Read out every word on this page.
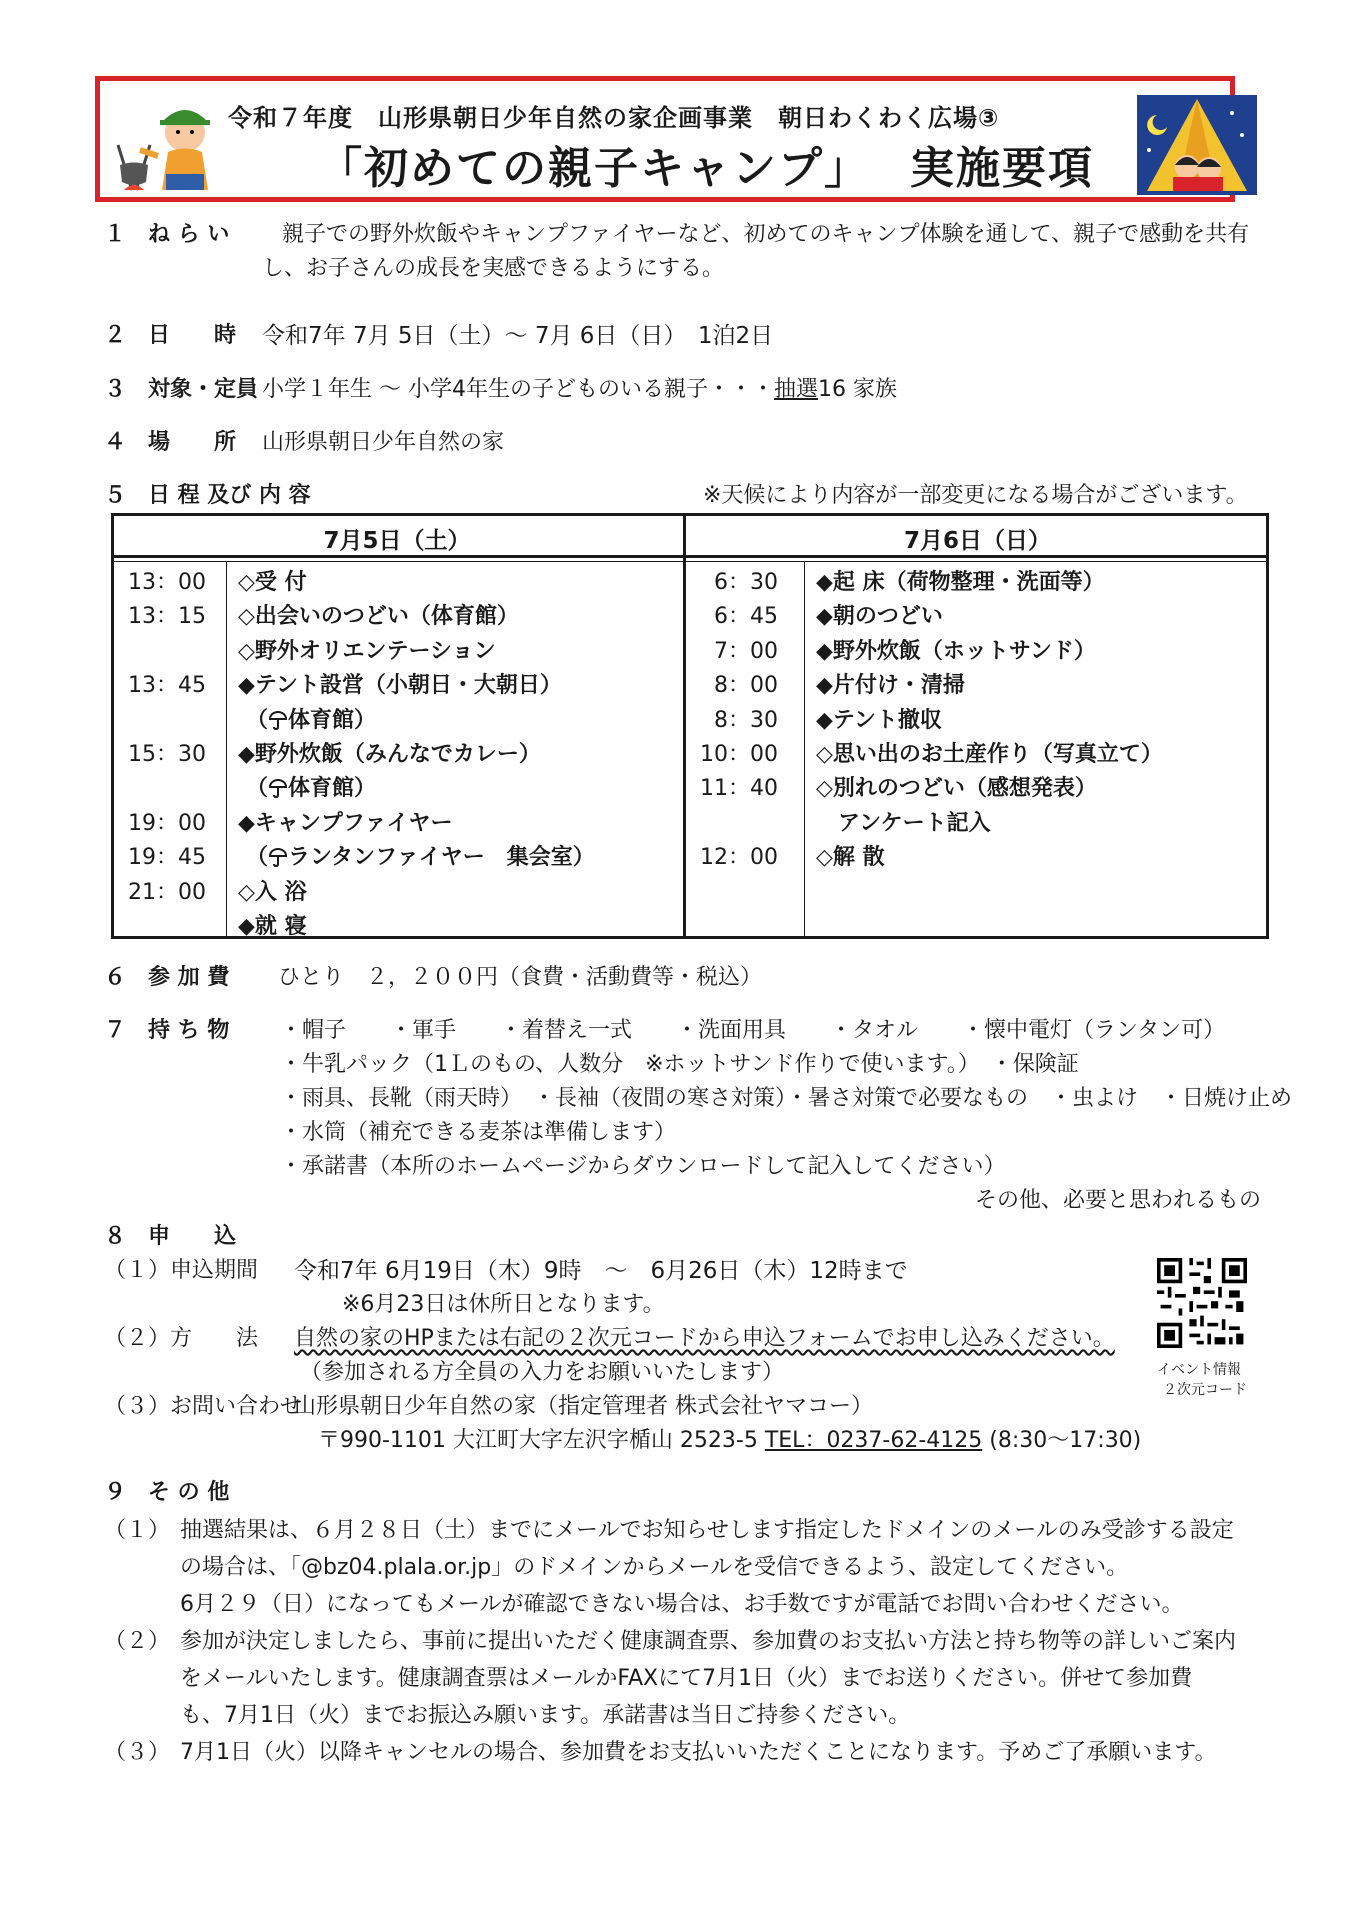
令和７年度　山形県朝日少年自然の家企画事業　朝日わくわく広場③
「初めての親子キャンプ」 実施要項
１　ね ら い 親子での野外炊飯やキャンプファイヤーなど、初めてのキャンプ体験を通して、親子で感動を共有
し、お子さんの成長を実感できるようにする。
２　日　　時 令和7年 7月 5日（土）～ 7月 6日（日）　1泊2日
３　対象・定員 小学１年生 ～ 小学4年生の子どものいる親子・・・抽選16 家族
４　場　　所 山形県朝日少年自然の家
５　日 程 及び 内 容	※天候により内容が一部変更になる場合がございます。
7月5日（土）	7月6日（日）
13：00 ◇受 付
13：15 ◇出会いのつどい（体育館）
◇野外オリエンテーション
13：45 ◆テント設営（小朝日・大朝日）
（ 体育館）
15：30 ◆野外炊飯（みんなでカレー）
（ 体育館）
19：00 ◆キャンプファイヤー
19：45 （ ランタンファイヤー　集会室）
21：00 ◇入 浴
◆就 寝
6：30 ◆起 床（荷物整理・洗面等）
6：45 ◆朝のつどい
7：00 ◆野外炊飯（ホットサンド）
8：00 ◆片付け・清掃
8：30 ◆テント撤収
10：00 ◇思い出のお土産作り（写真立て）
11：40 ◇別れのつどい（感想発表）
　アンケート記入
12：00 ◇解 散
６　参 加 費 ひとり　２，２００円（食費・活動費等・税込）
７　持 ち 物 ・帽子　　・軍手　　・着替え一式　　・洗面用具　　・タオル　　・懐中電灯（ランタン可）
・牛乳パック（1Ｌのもの、人数分　※ホットサンド作りで使います。）　・保険証
・雨具、長靴（雨天時）　・長袖（夜間の寒さ対策）・暑さ対策で必要なもの　・虫よけ　・日焼け止め
・水筒（補充できる麦茶は準備します）
・承諾書（本所のホームページからダウンロードして記入してください）
その他、必要と思われるもの
８　申　　込
（１）申込期間 令和7年 6月19日（木）9時　～　6月26日（木）12時まで
※6月23日は休所日となります。
（２）方　　法 自然の家のHPまたは右記の２次元コードから申込フォームでお申し込みください。
（参加される方全員の入力をお願いいたします）
（３）お問い合わせ
山形県朝日少年自然の家（指定管理者 株式会社ヤマコー）
〒990-1101 大江町大字左沢字楯山 2523-5 TEL：0237-62-4125 (8:30～17:30)
イベント情報
２次元コード
９　そ の 他
（１） 抽選結果は、６月２８日（土）までにメールでお知らせします指定したドメインのメールのみ受診する設定
の場合は、「@bz04.plala.or.jp」のドメインからメールを受信できるよう、設定してください。
6月２９（日）になってもメールが確認できない場合は、お手数ですが電話でお問い合わせください。
（２） 参加が決定しましたら、事前に提出いただく健康調査票、参加費のお支払い方法と持ち物等の詳しいご案内
をメールいたします。健康調査票はメールかFAXにて7月1日（火）までお送りください。併せて参加費
も、7月1日（火）までお振込み願います。承諾書は当日ご持参ください。
（３） 7月1日（火）以降キャンセルの場合、参加費をお支払いいただくことになります。予めご了承願います。
